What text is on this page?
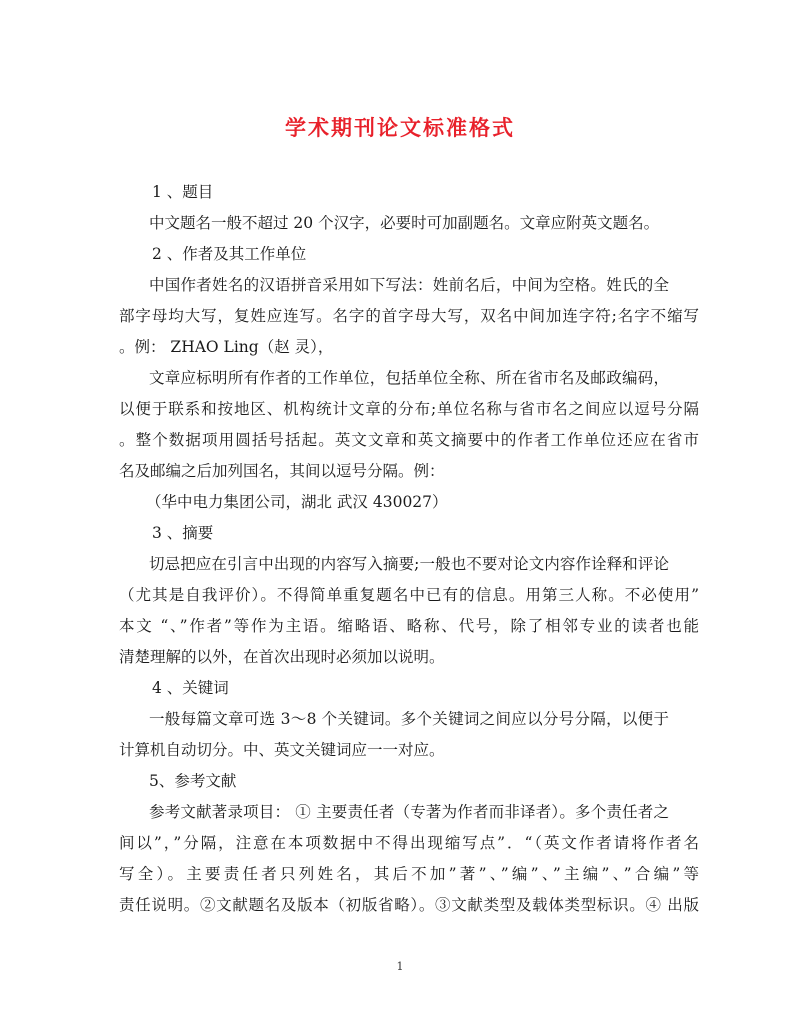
学术期刊论文标准格式
1 、题目
中文题名一般不超过 20 个汉字，必要时可加副题名。文章应附英文题名。
2 、作者及其工作单位
中国作者姓名的汉语拼音采用如下写法：姓前名后，中间为空格。姓氏的全
部字母均大写，复姓应连写。名字的首字母大写，双名中间加连字符;名字不缩写
。例： ZHAO Ling（赵 灵），
文章应标明所有作者的工作单位，包括单位全称、所在省市名及邮政编码，
以便于联系和按地区、机构统计文章的分布;单位名称与省市名之间应以逗号分隔
。整个数据项用圆括号括起。英文文章和英文摘要中的作者工作单位还应在省市
名及邮编之后加列国名，其间以逗号分隔。例：
（华中电力集团公司，湖北 武汉 430027）
3 、摘要
切忌把应在引言中出现的内容写入摘要;一般也不要对论文内容作诠释和评论
（尤其是自我评价）。不得简单重复题名中已有的信息。用第三人称。不必使用”
本文 “、”作者”等作为主语。缩略语、略称、代号，除了相邻专业的读者也能
清楚理解的以外，在首次出现时必须加以说明。
4 、关键词
一般每篇文章可选 3～8 个关键词。多个关键词之间应以分号分隔，以便于
计算机自动切分。中、英文关键词应一一对应。
5、参考文献
参考文献著录项目： ① 主要责任者（专著为作者而非译者）。多个责任者之
间以”，”分隔，注意在本项数据中不得出现缩写点”．“（英文作者请将作者名
写全）。主要责任者只列姓名，其后不加”著”、”编”、”主编”、”合编”等
责任说明。②文献题名及版本（初版省略）。③文献类型及载体类型标识。④ 出版
1
